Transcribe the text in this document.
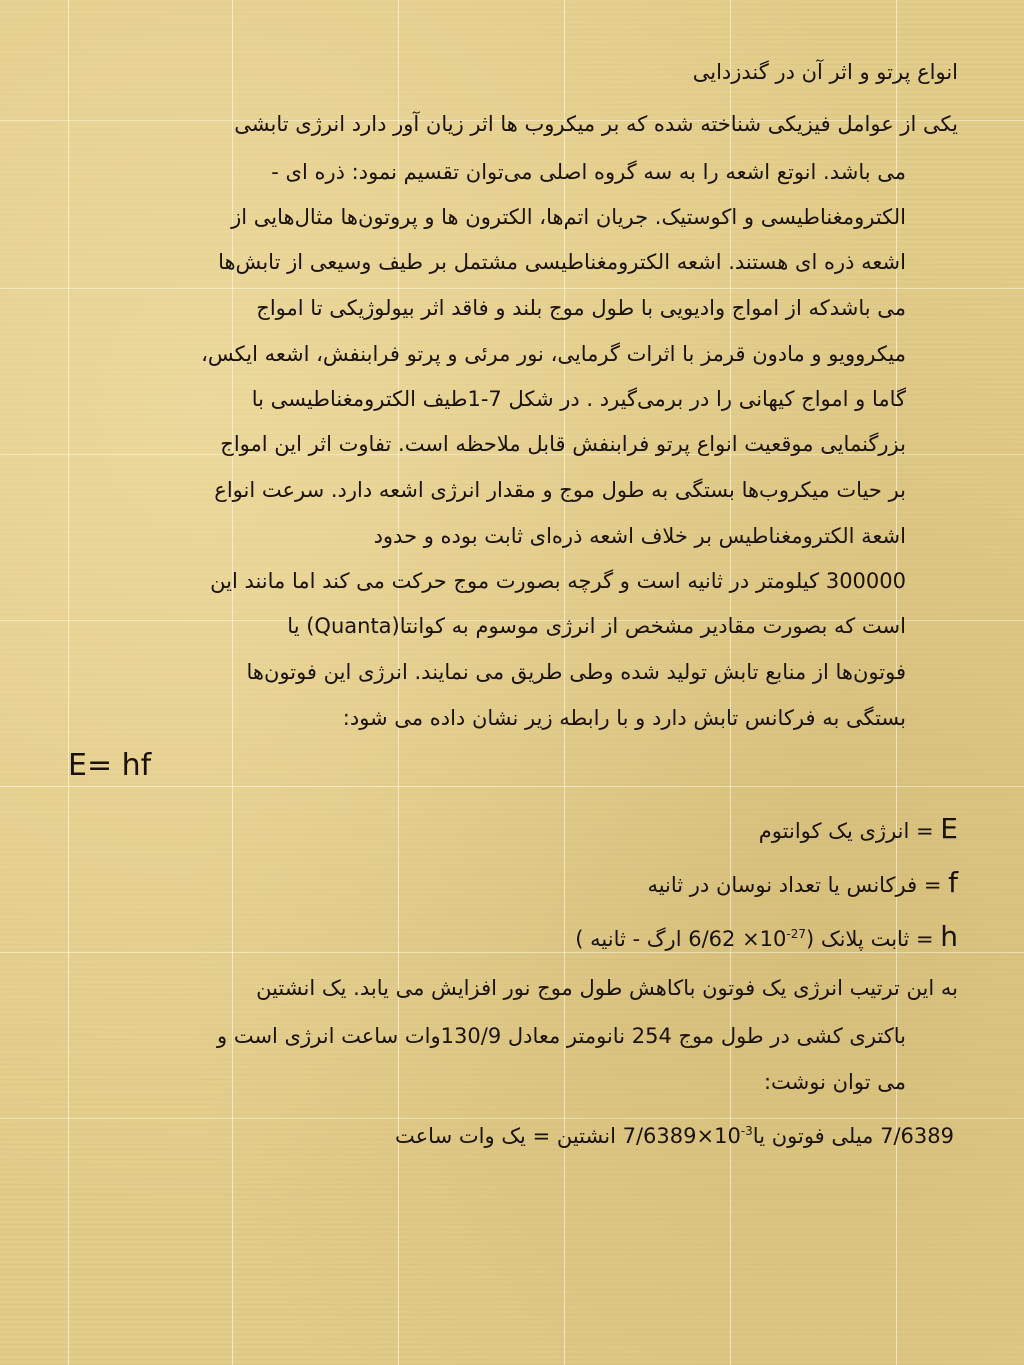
انواع پرتو و اثر آن در گندزدایی
یکی از عوامل فیزیکی شناخته شده که بر میکروب ها اثر زیان آور دارد انرژی تابشی
می باشد. انوتع اشعه را به سه گروه اصلی می‌توان تقسیم نمود: ذره ای -
الکترومغناطیسی و اکوستیک. جریان اتم‌ها، الکترون ها و پروتون‌ها مثال‌هایی از
اشعه ذره ای هستند. اشعه الکترومغناطیسی مشتمل بر طیف وسیعی از تابش‌ها
می باشدکه از امواج وادیویی با طول موج بلند و فاقد اثر بیولوژیکی تا امواج
میکروویو و مادون قرمز با اثرات گرمایی، نور مرئی و پرتو فرابنفش، اشعه ایکس،
گاما و امواج کیهانی را در برمی‌گیرد . در شکل 7-1طیف الکترومغناطیسی با
بزرگنمایی موقعیت انواع پرتو فرابنفش قابل ملاحظه است. تفاوت اثر این امواج
بر حیات میکروب‌ها بستگی به طول موج و مقدار انرژی اشعه دارد. سرعت انواع
اشعة الکترومغناطیس بر خلاف اشعه ذره‌ای ثابت بوده و حدود
300000 کیلومتر در ثانیه است و گرچه بصورت موج حرکت می کند اما مانند این
است که بصورت مقادیر مشخص از انرژی موسوم به کوانتا(Quanta) یا
فوتون‌ها از منابع تابش تولید شده وطی طریق می نمایند. انرژی این فوتون‌ها
بستگی به فرکانس تابش دارد و با رابطه زیر نشان داده می شود:
E= hf
E = انرژی یک کوانتوم
f = فرکانس یا تعداد نوسان در ثانیه
h = ثابت پلانک ($10^{-27}\times 6/62$ ارگ - ثانیه )
به این ترتیب انرژی یک فوتون باکاهش طول موج نور افزایش می یابد. یک انشتین
باکتری کشی در طول موج 254 نانومتر معادل 130/9وات ساعت انرژی است و
می توان نوشت:
7/6389 میلی فوتون $یا10^{-3}\times 7/6389$ انشتین = یک وات ساعت
